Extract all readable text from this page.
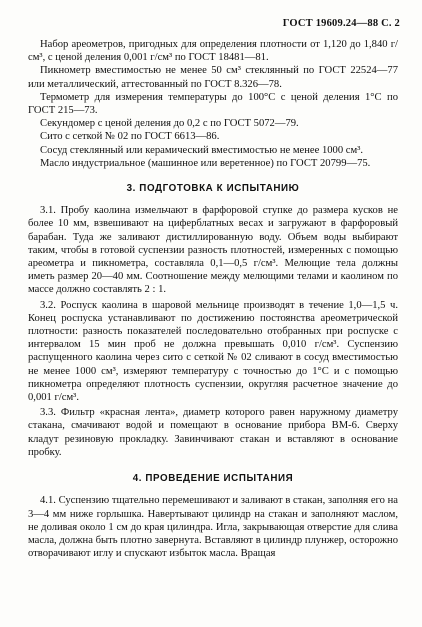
ГОСТ 19609.24—88 С. 2

Набор ареометров, пригодных для определения плотности от 1,120 до 1,840 г/см³, с ценой деления 0,001 г/см³ по ГОСТ 18481—81.

Пикнометр вместимостью не менее 50 см³ стеклянный по ГОСТ 22524—77 или металлический, аттестованный по ГОСТ 8.326—78.

Термометр для измерения температуры до 100°С с ценой деления 1°С по ГОСТ 215—73.

Секундомер с ценой деления до 0,2 с по ГОСТ 5072—79.

Сито с сеткой № 02 по ГОСТ 6613—86.

Сосуд стеклянный или керамический вместимостью не менее 1000 см³.

Масло индустриальное (машинное или веретенное) по ГОСТ 20799—75.

3. ПОДГОТОВКА К ИСПЫТАНИЮ

3.1. Пробу каолина измельчают в фарфоровой ступке до размера кусков не более 10 мм, взвешивают на циферблатных весах и загружают в фарфоровый барабан. Туда же заливают дистиллированную воду. Объем воды выбирают таким, чтобы в готовой суспензии разность плотностей, измеренных с помощью ареометра и пикнометра, составляла 0,1—0,5 г/см³. Мелющие тела должны иметь размер 20—40 мм. Соотношение между мелющими телами и каолином по массе должно составлять 2 : 1.

3.2. Роспуск каолина в шаровой мельнице производят в течение 1,0—1,5 ч. Конец роспуска устанавливают по достижению постоянства ареометрической плотности: разность показателей последовательно отобранных при роспуске с интервалом 15 мин проб не должна превышать 0,010 г/см³. Суспензию распущенного каолина через сито с сеткой № 02 сливают в сосуд вместимостью не менее 1000 см³, измеряют температуру с точностью до 1°С и с помощью пикнометра определяют плотность суспензии, округляя расчетное значение до 0,001 г/см³.

3.3. Фильтр «красная лента», диаметр которого равен наружному диаметру стакана, смачивают водой и помещают в основание прибора ВМ-6. Сверху кладут резиновую прокладку. Завинчивают стакан и вставляют в основание пробку.

4. ПРОВЕДЕНИЕ ИСПЫТАНИЯ

4.1. Суспензию тщательно перемешивают и заливают в стакан, заполняя его на 3—4 мм ниже горлышка. Навертывают цилиндр на стакан и заполняют маслом, не доливая около 1 см до края цилиндра. Игла, закрывающая отверстие для слива масла, должна быть плотно завернута. Вставляют в цилиндр плунжер, осторожно отворачивают иглу и спускают избыток масла. Вращая
